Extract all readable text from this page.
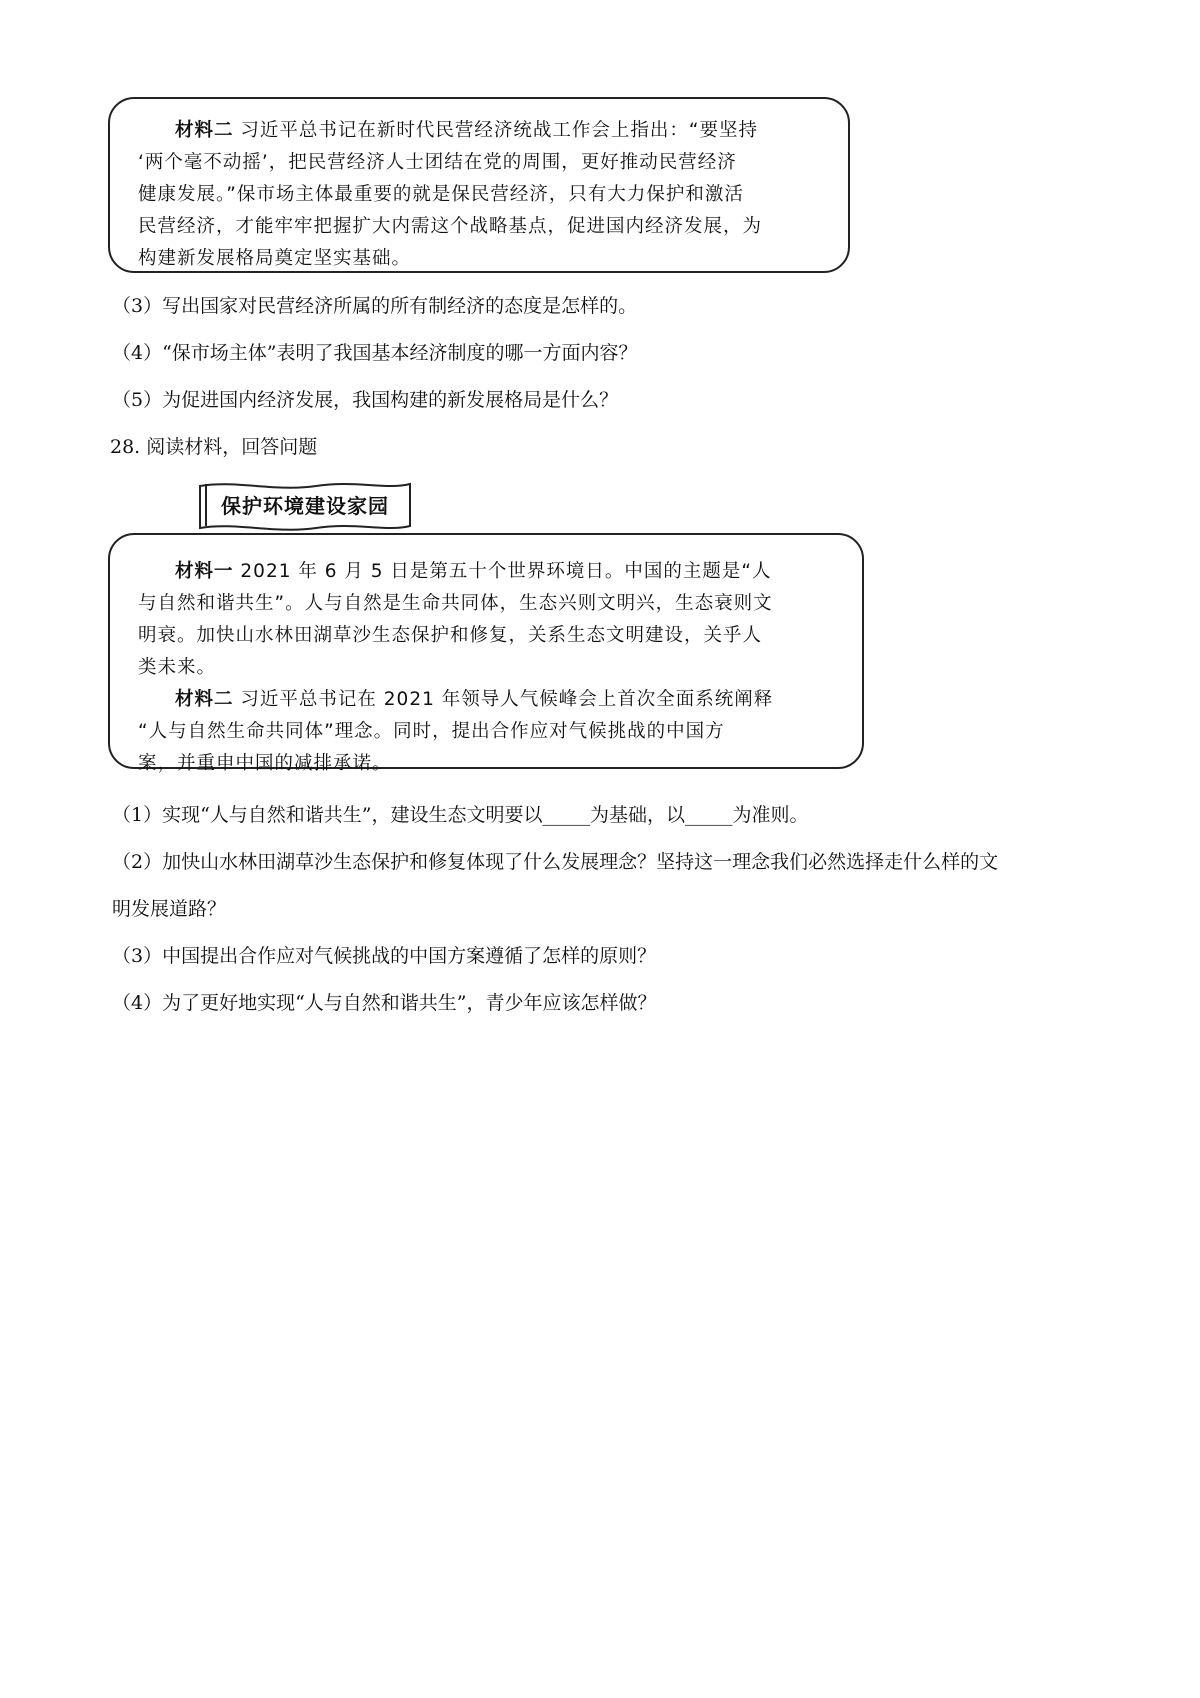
材料二 习近平总书记在新时代民营经济统战工作会上指出：“要坚持

‘两个毫不动摇’，把民营经济人士团结在党的周围，更好推动民营经济

健康发展。”保市场主体最重要的就是保民营经济，只有大力保护和激活

民营经济，才能牢牢把握扩大内需这个战略基点，促进国内经济发展，为

构建新发展格局奠定坚实基础。

（3）写出国家对民营经济所属的所有制经济的态度是怎样的。

（4）“保市场主体”表明了我国基本经济制度的哪一方面内容？

（5）为促进国内经济发展，我国构建的新发展格局是什么？

28. 阅读材料，回答问题

材料一 2021 年 6 月 5 日是第五十个世界环境日。中国的主题是“人

与自然和谐共生”。人与自然是生命共同体，生态兴则文明兴，生态衰则文

明衰。加快山水林田湖草沙生态保护和修复，关系生态文明建设，关乎人

类未来。

材料二 习近平总书记在 2021 年领导人气候峰会上首次全面系统阐释

“人与自然生命共同体”理念。同时，提出合作应对气候挑战的中国方

案，并重申中国的减排承诺。

保护环境建设家园

（1）实现“人与自然和谐共生”，建设生态文明要以_____为基础，以_____为准则。

（2）加快山水林田湖草沙生态保护和修复体现了什么发展理念？坚持这一理念我们必然选择走什么样的文

明发展道路？

（3）中国提出合作应对气候挑战的中国方案遵循了怎样的原则？

（4）为了更好地实现“人与自然和谐共生”，青少年应该怎样做？
